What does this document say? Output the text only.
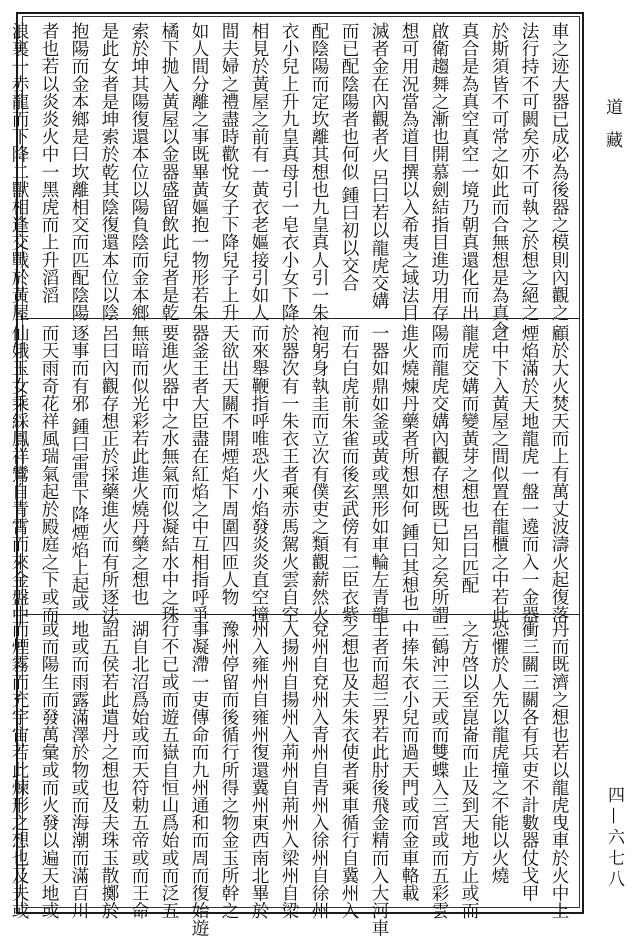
道藏
四—六七八
車之迹大器已成必為後器之模則內觀之
法行持不可闕矣亦不可執之於想之絕之
於斯須皆不可常之如此而合無想是為真合
真合是為真空真空一境乃朝真還化而出
啟衛趨舞之漸也開慕劍結指目進功用存
想可用況當為道目撰以入希夷之域法目
滅者金在內觀者火 呂曰若以龍虎交媾
而已配陰陽者也何似 鍾曰初以交合
配陰陽而定坎離其想也九皇真人引一朱
衣小兒上升九皇真母引一皂衣小女下降
相見於黃屋之前有一黃衣老嫗接引如人
間夫婦之禮盡時歡悅女子下降兒子上升
如人間分離之事既畢黃嫗抱一物形若朱
橘下拋入黃屋以金器盛留飲此兒者是乾
索於坤其陽復還本位以陽負陰而金本鄉
是此女者是坤索於乾其陰復還本位以陰
抱陽而金本鄉是曰坎離相交而匹配陰陽
者也若以炎炎火中一黑虎而上升滔滔
浪裏一赤龍而下降二獸相逢交戰於黃屋
顧於大火焚天而上有萬丈波濤火起復落
煙焰滿於天地龍虎一盤一遶而入一金器
之中下入黃屋之間似置在龍櫃之中若此
龍虎交媾而變黃芽之想也 呂曰匹配
陽而龍虎交媾內觀存想既已知之矣所謂
進火燒煉丹藥者所想如何 鍾曰其想也
一器如鼎如釜或黃或黑形如車輪左青龍
而右白虎前朱雀而後玄武傍有二臣衣紫
袍躬身執圭而立次有僕吏之類觀薪然火
於器次有一朱衣王者乘赤馬駕火雲自空
而來舉鞭指呼唯恐火小焰發炎炎直空撞
天欲出天關不開煙焰下周圍四匝人物
器釜王者大臣盡在紅焰之中互相指呼爭
要進火器中之水無氣而似凝結水中之珠
無暗而似光彩若此進火燒丹藥之想也
呂曰內觀存想正於採藥進火而有所逐法
逐事而有邪 鍾曰雷雷下降煙焰上起或
而天雨奇花祥風瑞氣起於殿庭之下或而
仙娥玉女乘綵鳳祥鸞自青霄而來金盤中
丹而既濟之想也若以龍虎曳車於火中上
衝三關三關各有兵吏不計數器仗戈甲
恐懼於人先以龍虎撞之不能以火燒
之方啓以至崑崙而止及到天地方止或而
三鶴沖三天或而雙蝶入三宮或而五彩雲
中捧朱衣小兒而過天門或而金車輅載
王者而超三界若此肘後飛金精而入大河車
之想也及夫朱衣使者乘車循行自冀州入
兗州自兗州入青州自青州入徐州自徐州
入揚州自揚州入荊州自荊州入梁州自梁
州入雍州自雍州復還冀州東西南北畢於
豫州停留而後循行所得之物金玉所幹之
事凝滯一吏傳命而九州通和而周而復始遊
行不已或而遊五嶽自恒山爲始或而泛五
湖自北沼爲始或而天符勅五帝或而王命
詔五侯若此遣丹之想也及夫珠玉散擲於
地或而雨露滿澤於物或而海潮而滿百川
或而陽生而發萬彙或而火發以遍天地或
而煙霧而充宇宙若此煉形之想也及夫或
